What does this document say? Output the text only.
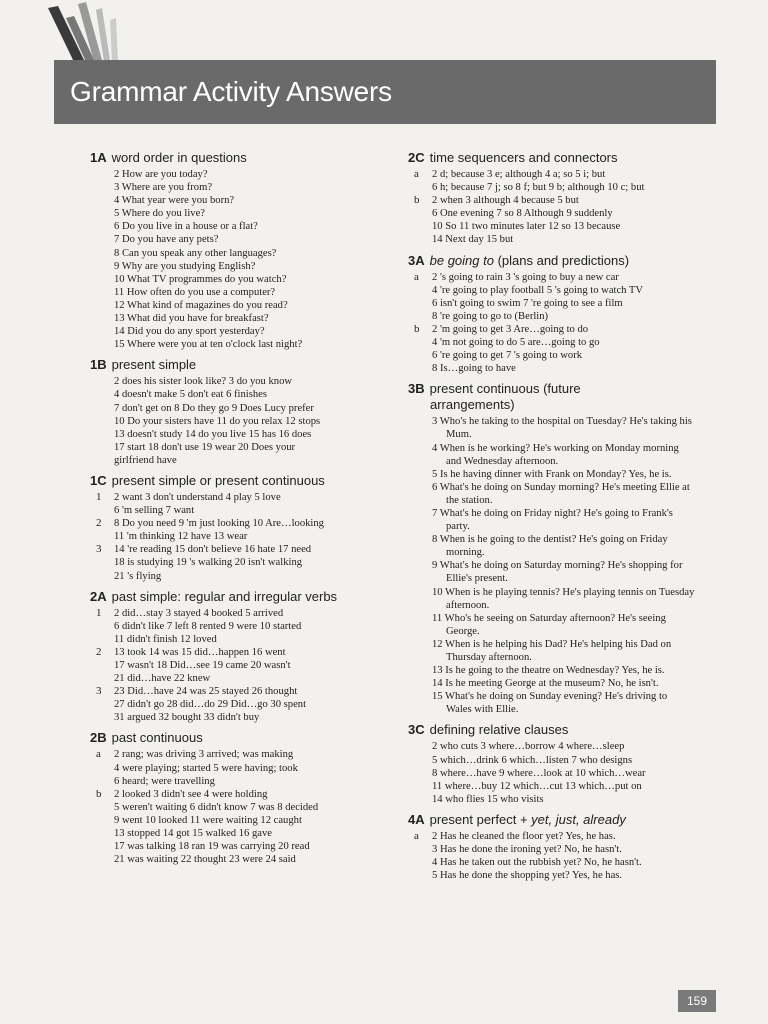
Grammar Activity Answers
1A word order in questions
2 How are you today?
3 Where are you from?
4 What year were you born?
5 Where do you live?
6 Do you live in a house or a flat?
7 Do you have any pets?
8 Can you speak any other languages?
9 Why are you studying English?
10 What TV programmes do you watch?
11 How often do you use a computer?
12 What kind of magazines do you read?
13 What did you have for breakfast?
14 Did you do any sport yesterday?
15 Where were you at ten o'clock last night?
1B present simple
2 does his sister look like? 3 do you know
4 doesn't make 5 don't eat 6 finishes
7 don't get on 8 Do they go 9 Does Lucy prefer
10 Do your sisters have 11 do you relax 12 stops
13 doesn't study 14 do you live 15 has 16 does
17 start 18 don't use 19 wear 20 Does your
girlfriend have
1C present simple or present continuous
1	2 want 3 don't understand 4 play 5 love
6 'm selling 7 want
2	8 Do you need 9 'm just looking 10 Are…looking
11 'm thinking 12 have 13 wear
3	14 're reading 15 don't believe 16 hate 17 need
18 is studying 19 's walking 20 isn't walking
21 's flying
2A past simple: regular and irregular verbs
1	2 did…stay 3 stayed 4 booked 5 arrived
6 didn't like 7 left 8 rented 9 were 10 started
11 didn't finish 12 loved
2	13 took 14 was 15 did…happen 16 went
17 wasn't 18 Did…see 19 came 20 wasn't
21 did…have 22 knew
3	23 Did…have 24 was 25 stayed 26 thought
27 didn't go 28 did…do 29 Did…go 30 spent
31 argued 32 bought 33 didn't buy
2B past continuous
a	2 rang; was driving 3 arrived; was making
4 were playing; started 5 were having; took
6 heard; were travelling
b	2 looked 3 didn't see 4 were holding
5 weren't waiting 6 didn't know 7 was 8 decided
9 went 10 looked 11 were waiting 12 caught
13 stopped 14 got 15 walked 16 gave
17 was talking 18 ran 19 was carrying 20 read
21 was waiting 22 thought 23 were 24 said
2C time sequencers and connectors
a	2 d; because 3 e; although 4 a; so 5 i; but
6 h; because 7 j; so 8 f; but 9 b; although 10 c; but
b	2 when 3 although 4 because 5 but
6 One evening 7 so 8 Although 9 suddenly
10 So 11 two minutes later 12 so 13 because
14 Next day 15 but
3A be going to (plans and predictions)
a	2 's going to rain 3 's going to buy a new car
4 're going to play football 5 's going to watch TV
6 isn't going to swim 7 're going to see a film
8 're going to go to (Berlin)
b	2 'm going to get 3 Are…going to do
4 'm not going to do 5 are…going to go
6 're going to get 7 's going to work
8 Is…going to have
3B present continuous (future
arrangements)
3 Who's he taking to the hospital on Tuesday? He's taking his Mum.
4 When is he working? He's working on Monday morning and Wednesday afternoon.
5 Is he having dinner with Frank on Monday? Yes, he is.
6 What's he doing on Sunday morning? He's meeting Ellie at the station.
7 What's he doing on Friday night? He's going to Frank's party.
8 When is he going to the dentist? He's going on Friday morning.
9 What's he doing on Saturday morning? He's shopping for Ellie's present.
10 When is he playing tennis? He's playing tennis on Tuesday afternoon.
11 Who's he seeing on Saturday afternoon? He's seeing George.
12 When is he helping his Dad? He's helping his Dad on Thursday afternoon.
13 Is he going to the theatre on Wednesday? Yes, he is.
14 Is he meeting George at the museum? No, he isn't.
15 What's he doing on Sunday evening? He's driving to Wales with Ellie.
3C defining relative clauses
2 who cuts 3 where…borrow 4 where…sleep
5 which…drink 6 which…listen 7 who designs
8 where…have 9 where…look at 10 which…wear
11 where…buy 12 which…cut 13 which…put on
14 who flies 15 who visits
4A present perfect + yet, just, already
a	2 Has he cleaned the floor yet? Yes, he has.
3 Has he done the ironing yet? No, he hasn't.
4 Has he taken out the rubbish yet? No, he hasn't.
5 Has he done the shopping yet? Yes, he has.
159
